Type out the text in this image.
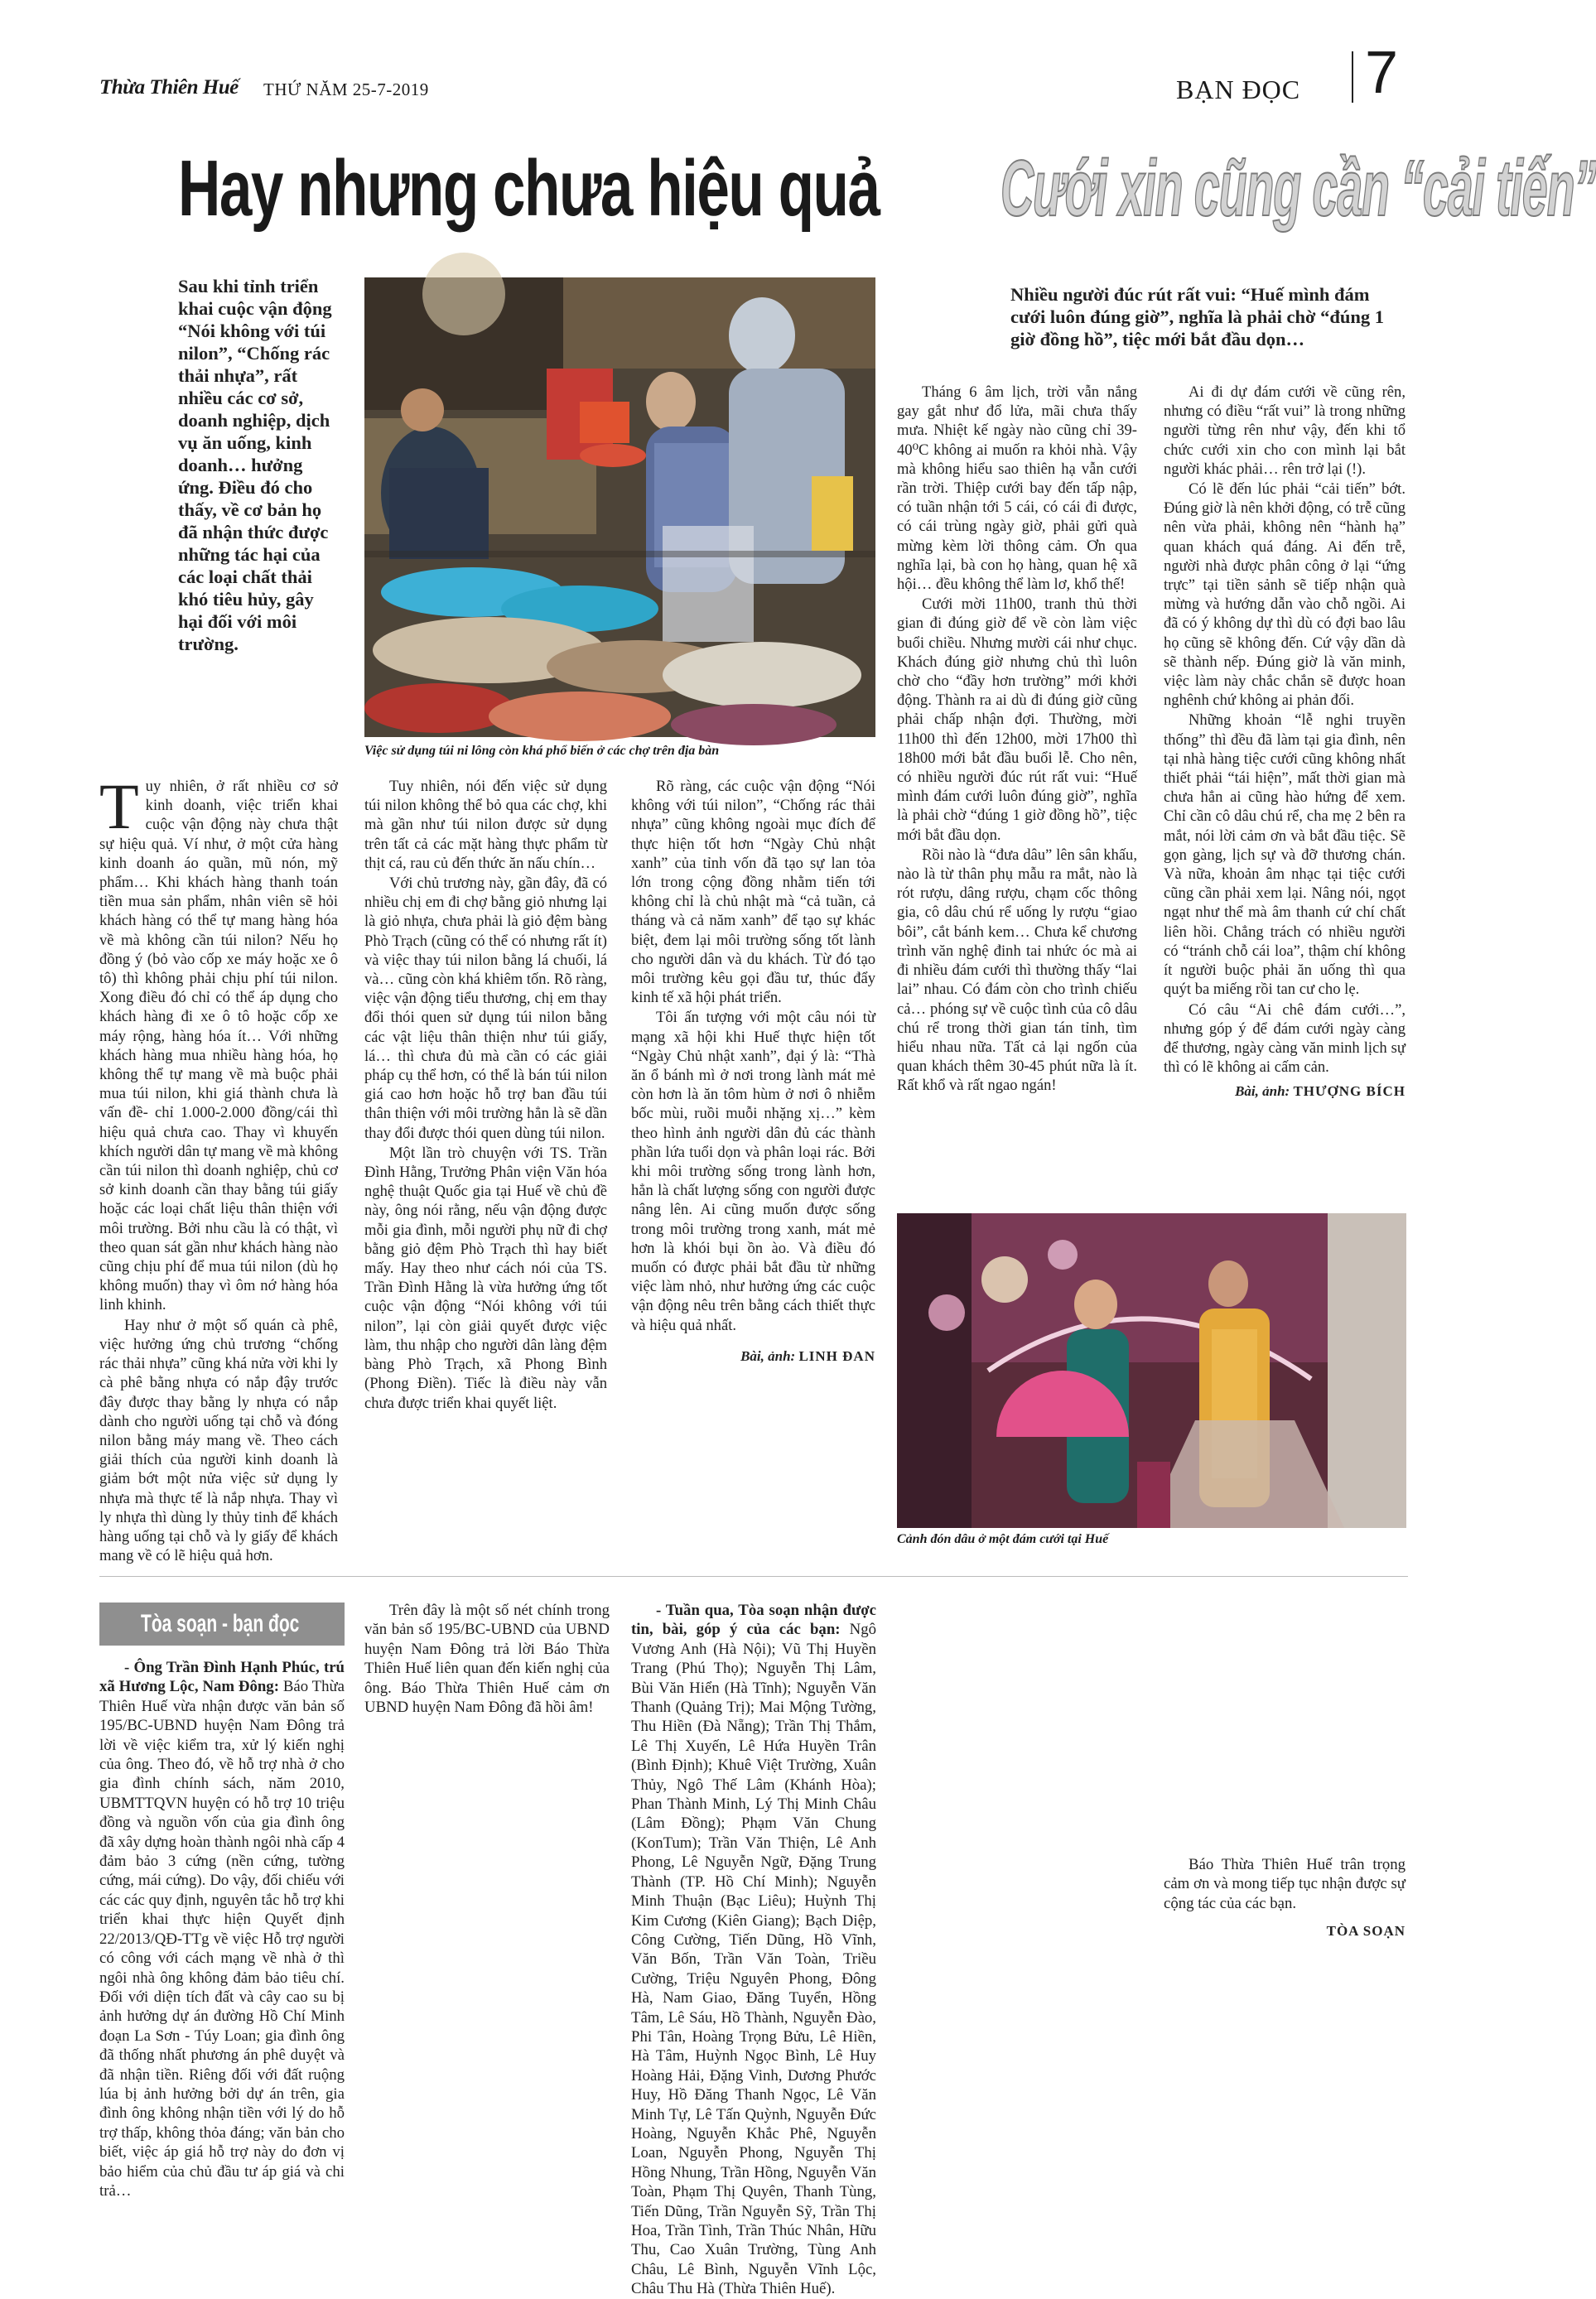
Thừa Thiên Huế THỨ NĂM 25-7-2019	BẠN ĐỌC 7
Hay nhưng chưa hiệu quả
Sau khi tỉnh triển khai cuộc vận động “Nói không với túi nilon”, “Chống rác thải nhựa”, rất nhiều các cơ sở, doanh nghiệp, dịch vụ ăn uống, kinh doanh… hưởng ứng. Điều đó cho thấy, về cơ bản họ đã nhận thức được những tác hại của các loại chất thải khó tiêu hủy, gây hại đối với môi trường.
Việc sử dụng túi ni lông còn khá phổ biến ở các chợ trên địa bàn
Cưới xin cũng cần “cải tiến”
Nhiều người đúc rút rất vui: “Huế mình đám cưới luôn đúng giờ”, nghĩa là phải chờ “đúng 1 giờ đồng hồ”, tiệc mới bắt đầu dọn…

Tuy nhiên, ở rất nhiều cơ sở kinh doanh, việc triển khai cuộc vận động này chưa thật sự hiệu quả. Ví như, ở một cửa hàng kinh doanh áo quần, mũ nón, mỹ phẩm… Khi khách hàng thanh toán tiền mua sản phẩm, nhân viên sẽ hỏi khách hàng có thể tự mang hàng hóa về mà không cần túi nilon? Nếu họ đồng ý (bỏ vào cốp xe máy hoặc xe ô tô) thì không phải chịu phí túi nilon. Xong điều đó chỉ có thể áp dụng cho khách hàng đi xe ô tô hoặc cốp xe máy rộng, hàng hóa ít… Với những khách hàng mua nhiều hàng hóa, họ không thể tự mang về mà buộc phải mua túi nilon, khi giá thành chưa là vấn đề- chỉ 1.000-2.000 đồng/cái thì hiệu quả chưa cao. Thay vì khuyến khích người dân tự mang về mà không cần túi nilon thì doanh nghiệp, chủ cơ sở kinh doanh cần thay bằng túi giấy hoặc các loại chất liệu thân thiện với môi trường. Bởi nhu cầu là có thật, vì theo quan sát gần như khách hàng nào cũng chịu phí để mua túi nilon (dù họ không muốn) thay vì ôm nớ hàng hóa linh khinh.

Hay như ở một số quán cà phê, việc hưởng ứng chủ trương “chống rác thải nhựa” cũng khá nửa vời khi ly cà phê bằng nhựa có nắp đậy trước đây được thay bằng ly nhựa có nắp dành cho người uống tại chỗ và đóng nilon bằng máy mang về. Theo cách giải thích của người kinh doanh là giảm bớt một nửa việc sử dụng ly nhựa mà thực tế là nắp nhựa. Thay vì ly nhựa thì dùng ly thủy tinh để khách hàng uống tại chỗ và ly giấy để khách mang về có lẽ hiệu quả hơn.

Tuy nhiên, nói đến việc sử dụng túi nilon không thể bỏ qua các chợ, khi mà gần như túi nilon được sử dụng trên tất cả các mặt hàng thực phẩm từ thịt cá, rau củ đến thức ăn nấu chín…

Với chủ trương này, gần đây, đã có nhiều chị em đi chợ bằng giỏ nhưng lại là giỏ nhựa, chưa phải là giỏ đệm bàng Phò Trạch (cũng có thể có nhưng rất ít) và việc thay túi nilon bằng lá chuối, lá và… cũng còn khá khiêm tốn. Rõ ràng, việc vận động tiểu thương, chị em thay đổi thói quen sử dụng túi nilon bằng các vật liệu thân thiện như túi giấy, lá… thì chưa đủ mà cần có các giải pháp cụ thể hơn, có thể là bán túi nilon giá cao hơn hoặc hỗ trợ ban đầu túi thân thiện với môi trường hẳn là sẽ dần thay đổi được thói quen dùng túi nilon.

Một lần trò chuyện với TS. Trần Đình Hằng, Trưởng Phân viện Văn hóa nghệ thuật Quốc gia tại Huế về chủ đề này, ông nói rằng, nếu vận động được mỗi gia đình, mỗi người phụ nữ đi chợ bằng giỏ đệm Phò Trạch thì hay biết mấy. Hay theo như cách nói của TS. Trần Đình Hằng là vừa hưởng ứng tốt cuộc vận động “Nói không với túi nilon”, lại còn giải quyết được việc làm, thu nhập cho người dân làng đệm bàng Phò Trạch, xã Phong Bình (Phong Điền). Tiếc là điều này vẫn chưa được triển khai quyết liệt.

Rõ ràng, các cuộc vận động “Nói không với túi nilon”, “Chống rác thải nhựa” cũng không ngoài mục đích để thực hiện tốt hơn “Ngày Chủ nhật xanh” của tỉnh vốn đã tạo sự lan tỏa lớn trong cộng đồng nhằm tiến tới không chỉ là chủ nhật mà “cả tuần, cả tháng và cả năm xanh” để tạo sự khác biệt, đem lại môi trường sống tốt lành cho người dân và du khách. Từ đó tạo môi trường kêu gọi đầu tư, thúc đẩy kinh tế xã hội phát triển.

Tôi ấn tượng với một câu nói từ mạng xã hội khi Huế thực hiện tốt “Ngày Chủ nhật xanh”, đại ý là: “Thà ăn ổ bánh mì ở nơi trong lành mát mẻ còn hơn là ăn tôm hùm ở nơi ô nhiễm bốc mùi, ruồi muỗi nhặng xị…” kèm theo hình ảnh người dân đủ các thành phần lứa tuổi dọn và phân loại rác. Bởi khi môi trường sống trong lành hơn, hẳn là chất lượng sống con người được nâng lên. Ai cũng muốn được sống trong môi trường trong xanh, mát mẻ hơn là khói bụi ồn ào. Và điều đó muốn có được phải bắt đầu từ những việc làm nhỏ, như hưởng ứng các cuộc vận động nêu trên bằng cách thiết thực và hiệu quả nhất.

Bài, ảnh: LINH ĐAN

Tháng 6 âm lịch, trời vẫn nắng gay gắt như đổ lửa, mãi chưa thấy mưa. Nhiệt kế ngày nào cũng chỉ 39-40⁰C không ai muốn ra khỏi nhà. Vậy mà không hiểu sao thiên hạ vẫn cưới rần trời. Thiệp cưới bay đến tấp nập, có tuần nhận tới 5 cái, có cái đi được, có cái trùng ngày giờ, phải gửi quà mừng kèm lời thông cảm. Ơn qua nghĩa lại, bà con họ hàng, quan hệ xã hội… đều không thể làm lơ, khổ thế!

Cưới mời 11h00, tranh thủ thời gian đi đúng giờ để về còn làm việc buổi chiều. Nhưng mười cái như chục. Khách đúng giờ nhưng chủ thì luôn chờ cho “đầy hơn trường” mới khởi động. Thành ra ai dù đi đúng giờ cũng phải chấp nhận đợi. Thường, mời 11h00 thì đến 12h00, mời 17h00 thì 18h00 mới bắt đầu buổi lễ. Cho nên, có nhiều người đúc rút rất vui: “Huế mình đám cưới luôn đúng giờ”, nghĩa là phải chờ “đúng 1 giờ đồng hồ”, tiệc mới bắt đầu dọn.

Rồi nào là “đưa dâu” lên sân khấu, nào là từ thân phụ mẫu ra mắt, nào là rót rượu, dâng rượu, chạm cốc thông gia, cô dâu chú rể uống ly rượu “giao bôi”, cắt bánh kem… Chưa kể chương trình văn nghệ đinh tai nhức óc mà ai đi nhiều đám cưới thì thường thấy “lai lai” nhau. Có đám còn cho trình chiếu cả… phóng sự về cuộc tình của cô dâu chú rể trong thời gian tán tỉnh, tìm hiểu nhau nữa. Tất cả lại ngốn của quan khách thêm 30-45 phút nữa là ít. Rất khổ và rất ngao ngán!

Ai đi dự đám cưới về cũng rên, nhưng có điều “rất vui” là trong những người từng rên như vậy, đến khi tổ chức cưới xin cho con mình lại bắt người khác phải… rên trở lại (!).

Có lẽ đến lúc phải “cải tiến” bớt. Đúng giờ là nên khởi động, có trễ cũng nên vừa phải, không nên “hành hạ” quan khách quá đáng. Ai đến trễ, người nhà được phân công ở lại “ứng trực” tại tiền sảnh sẽ tiếp nhận quà mừng và hướng dẫn vào chỗ ngồi. Ai đã có ý không dự thì dù có đợi bao lâu họ cũng sẽ không đến. Cứ vậy dần dà sẽ thành nếp. Đúng giờ là văn minh, việc làm này chắc chắn sẽ được hoan nghênh chứ không ai phản đối.

Những khoản “lễ nghi truyền thống” thì đều đã làm tại gia đình, nên tại nhà hàng tiệc cưới cũng không nhất thiết phải “tái hiện”, mất thời gian mà chưa hẳn ai cũng hào hứng để xem. Chỉ cần cô dâu chú rể, cha mẹ 2 bên ra mắt, nói lời cảm ơn và bắt đầu tiệc. Sẽ gọn gàng, lịch sự và đỡ thương chán. Và nữa, khoản âm nhạc tại tiệc cưới cũng cần phải xem lại. Nâng nói, ngọt ngạt như thể mà âm thanh cứ chí chất liên hồi. Chẳng trách có nhiều người có “tránh chỗ cái loa”, thậm chí không ít người buộc phải ăn uống thì qua quýt ba miếng rồi tan cư cho lẹ.

Có câu “Ai chê đám cưới…”, nhưng góp ý để đám cưới ngày càng để thương, ngày càng văn minh lịch sự thì có lẽ không ai cấm cản.

Bài, ảnh: THƯỢNG BÍCH
Cảnh đón dâu ở một đám cưới tại Huế
Tòa soạn - bạn đọc

- Ông Trần Đình Hạnh Phúc, trú xã Hương Lộc, Nam Đông: Báo Thừa Thiên Huế vừa nhận được văn bản số 195/BC-UBND huyện Nam Đông trả lời về việc kiểm tra, xử lý kiến nghị của ông. Theo đó, về hỗ trợ nhà ở cho gia đình chính sách, năm 2010, UBMTTQVN huyện có hỗ trợ 10 triệu đồng và nguồn vốn của gia đình ông đã xây dựng hoàn thành ngôi nhà cấp 4 đảm bảo 3 cứng (nền cứng, tường cứng, mái cứng). Do vậy, đối chiếu với các các quy định, nguyên tắc hỗ trợ khi triển khai thực hiện Quyết định 22/2013/QĐ-TTg về việc Hỗ trợ người có công với cách mạng về nhà ở thì ngôi nhà ông không đảm bảo tiêu chí. Đối với diện tích đất và cây cao su bị ảnh hưởng dự án đường Hồ Chí Minh đoạn La Sơn - Túy Loan; gia đình ông đã thống nhất phương án phê duyệt và đã nhận tiền. Riêng đối với đất ruộng lúa bị ảnh hưởng bởi dự án trên, gia đình ông không nhận tiền với lý do hỗ trợ thấp, không thỏa đáng; văn bản cho biết, việc áp giá hỗ trợ này do đơn vị bảo hiểm của chủ đầu tư áp giá và chi trả…

Trên đây là một số nét chính trong văn bản số 195/BC-UBND của UBND huyện Nam Đông trả lời Báo Thừa Thiên Huế liên quan đến kiến nghị của ông. Báo Thừa Thiên Huế cảm ơn UBND huyện Nam Đông đã hồi âm!

- Tuần qua, Tòa soạn nhận được tin, bài, góp ý của các bạn: Ngô Vương Anh (Hà Nội); Vũ Thị Huyền Trang (Phú Thọ); Nguyễn Thị Lâm, Bùi Văn Hiển (Hà Tĩnh); Nguyễn Văn Thanh (Quảng Trị); Mai Mộng Tường, Thu Hiền (Đà Nẵng); Trần Thị Thắm, Lê Thị Xuyến, Lê Hứa Huyền Trân (Bình Định); Khuê Việt Trường, Xuân Thủy, Ngô Thế Lâm (Khánh Hòa); Phan Thành Minh, Lý Thị Minh Châu (Lâm Đồng); Phạm Văn Chung (KonTum); Trần Văn Thiện, Lê Anh Phong, Lê Nguyễn Ngữ, Đặng Trung Thành (TP. Hồ Chí Minh); Nguyễn Minh Thuận (Bạc Liêu); Huỳnh Thị Kim Cương (Kiên Giang); Bạch Diệp, Công Cường, Tiến Dũng, Hồ Vĩnh, Văn Bốn, Trần Văn Toàn, Triều Cường, Triệu Nguyên Phong, Đông Hà, Nam Giao, Đăng Tuyển, Hồng Tâm, Lê Sáu, Hồ Thành, Nguyễn Đào, Phi Tân, Hoàng Trọng Bửu, Lê Hiền, Hà Tâm, Huỳnh Ngọc Bình, Lê Huy Hoàng Hải, Đặng Vinh, Dương Phước Huy, Hồ Đăng Thanh Ngọc, Lê Văn Minh Tự, Lê Tấn Quỳnh, Nguyễn Đức Hoàng, Nguyễn Khắc Phê, Nguyễn Loan, Nguyễn Phong, Nguyễn Thị Hồng Nhung, Trần Hồng, Nguyễn Văn Toàn, Phạm Thị Quyên, Thanh Tùng, Tiến Dũng, Trần Nguyễn Sỹ, Trần Thị Hoa, Trần Tình, Trần Thúc Nhân, Hữu Thu, Cao Xuân Trường, Tùng Anh Châu, Lê Bình, Nguyễn Vĩnh Lộc, Châu Thu Hà (Thừa Thiên Huế).

Báo Thừa Thiên Huế trân trọng cảm ơn và mong tiếp tục nhận được sự cộng tác của các bạn.

TÒA SOẠN
